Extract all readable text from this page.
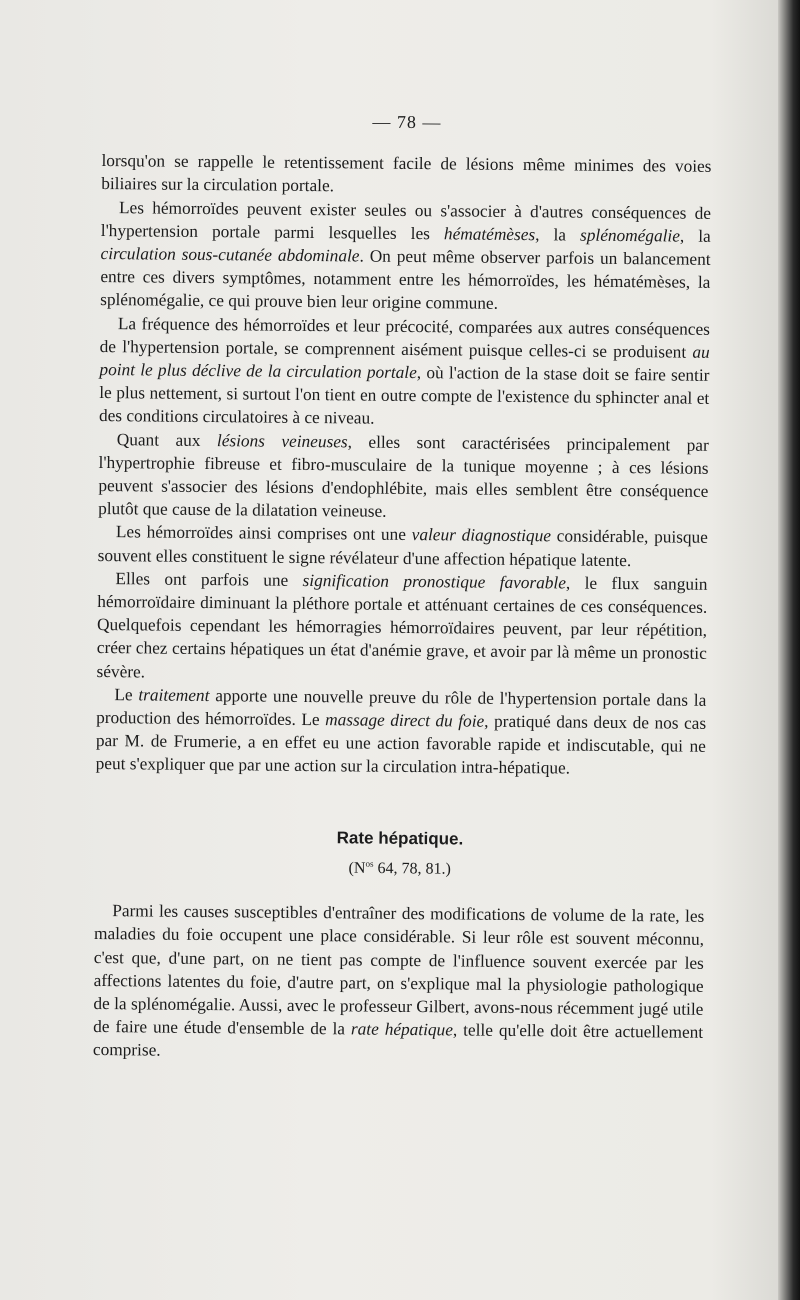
— 78 —

lorsqu'on se rappelle le retentissement facile de lésions même minimes des voies biliaires sur la circulation portale.

Les hémorroïdes peuvent exister seules ou s'associer à d'autres conséquences de l'hypertension portale parmi lesquelles les hématémèses, la splénomégalie, la circulation sous-cutanée abdominale. On peut même observer parfois un balancement entre ces divers symptômes, notamment entre les hémorroïdes, les hématémèses, la splénomégalie, ce qui prouve bien leur origine commune.

La fréquence des hémorroïdes et leur précocité, comparées aux autres conséquences de l'hypertension portale, se comprennent aisément puisque celles-ci se produisent au point le plus déclive de la circulation portale, où l'action de la stase doit se faire sentir le plus nettement, si surtout l'on tient en outre compte de l'existence du sphincter anal et des conditions circulatoires à ce niveau.

Quant aux lésions veineuses, elles sont caractérisées principalement par l'hypertrophie fibreuse et fibro-musculaire de la tunique moyenne ; à ces lésions peuvent s'associer des lésions d'endophlébite, mais elles semblent être conséquence plutôt que cause de la dilatation veineuse.

Les hémorroïdes ainsi comprises ont une valeur diagnostique considérable, puisque souvent elles constituent le signe révélateur d'une affection hépatique latente.

Elles ont parfois une signification pronostique favorable, le flux sanguin hémorroïdaire diminuant la pléthore portale et atténuant certaines de ces conséquences. Quelquefois cependant les hémorragies hémorroïdaires peuvent, par leur répétition, créer chez certains hépatiques un état d'anémie grave, et avoir par là même un pronostic sévère.

Le traitement apporte une nouvelle preuve du rôle de l'hypertension portale dans la production des hémorroïdes. Le massage direct du foie, pratiqué dans deux de nos cas par M. de Frumerie, a en effet eu une action favorable rapide et indiscutable, qui ne peut s'expliquer que par une action sur la circulation intra-hépatique.

Rate hépatique.
($N^{os}$ 64, 78, 81.)

Parmi les causes susceptibles d'entraîner des modifications de volume de la rate, les maladies du foie occupent une place considérable. Si leur rôle est souvent méconnu, c'est que, d'une part, on ne tient pas compte de l'influence souvent exercée par les affections latentes du foie, d'autre part, on s'explique mal la physiologie pathologique de la splénomégalie. Aussi, avec le professeur Gilbert, avons-nous récemment jugé utile de faire une étude d'ensemble de la rate hépatique, telle qu'elle doit être actuellement comprise.
